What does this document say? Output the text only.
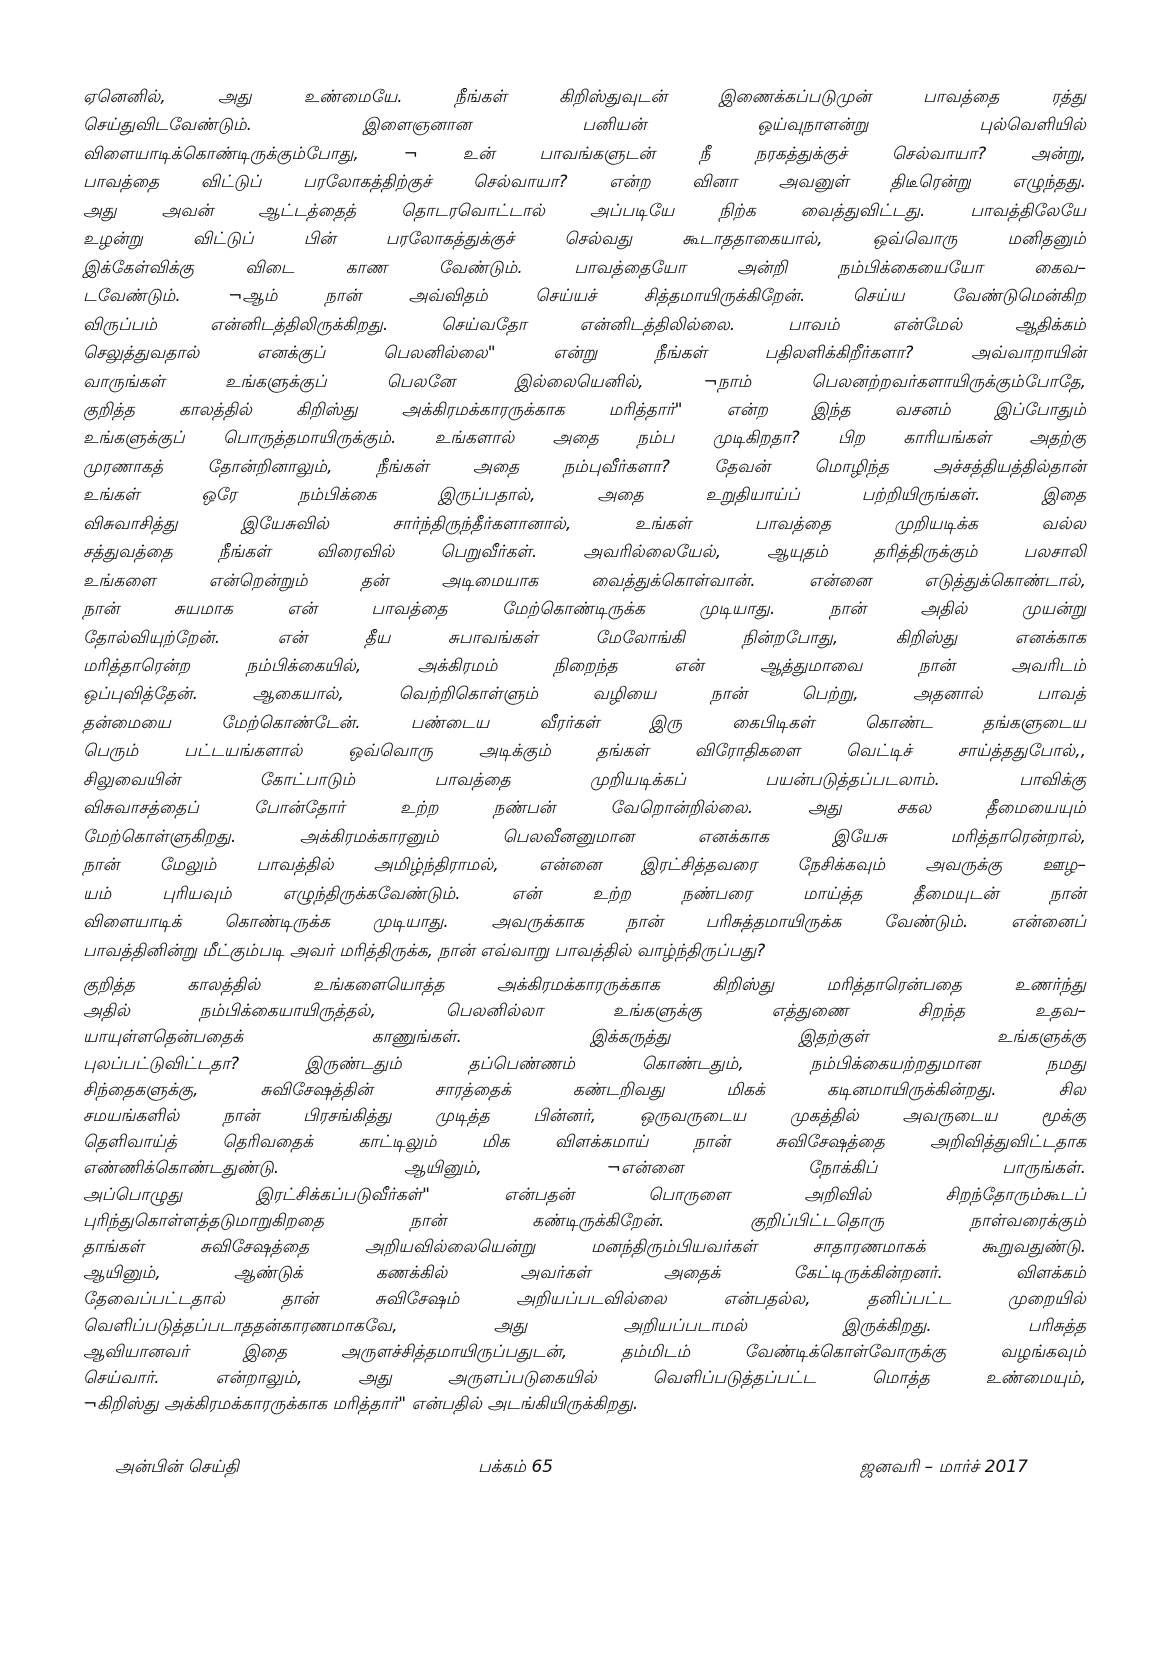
ஏனெனில், அது உண்மையே. நீங்கள் கிறிஸ்துவுடன் இணைக்கப்படுமுன் பாவத்தை ரத்து
செய்துவிடவேண்டும். இளைஞனான பனியன் ஒய்வுநாளன்று புல்வெளியில்
விளையாடிக்கொண்டிருக்கும்போது, ¬ உன் பாவங்களுடன் நீ நரகத்துக்குச் செல்வாயா? அன்று,
பாவத்தை விட்டுப் பரலோகத்திற்குச் செல்வாயா? என்ற வினா அவனுள் திடீரென்று எழுந்தது.
அது அவன் ஆட்டத்தைத் தொடரவொட்டால் அப்படியே நிற்க வைத்துவிட்டது. பாவத்திலேயே
உழன்று விட்டுப் பின் பரலோகத்துக்குச் செல்வது கூடாததாகையால், ஒவ்வொரு மனிதனும்
இக்கேள்விக்கு விடை காண வேண்டும். பாவத்தையோ அன்றி நம்பிக்கையையோ கைவ–
டவேண்டும். ¬ஆம் நான் அவ்விதம் செய்யச் சித்தமாயிருக்கிறேன். செய்ய வேண்டுமென்கிற
விருப்பம் என்னிடத்திலிருக்கிறது. செய்வதோ என்னிடத்திலில்லை. பாவம் என்மேல் ஆதிக்கம்
செலுத்துவதால் எனக்குப் பெலனில்லை" என்று நீங்கள் பதிலளிக்கிறீர்களா? அவ்வாறாயின்
வாருங்கள் உங்களுக்குப் பெலனே இல்லையெனில், ¬நாம் பெலனற்றவர்களாயிருக்கும்போதே,
குறித்த காலத்தில் கிறிஸ்து அக்கிரமக்காரருக்காக மரித்தார்" என்ற இந்த வசனம் இப்போதும்
உங்களுக்குப் பொருத்தமாயிருக்கும். உங்களால் அதை நம்ப முடிகிறதா? பிற காரியங்கள் அதற்கு
முரணாகத் தோன்றினாலும், நீங்கள் அதை நம்புவீர்களா? தேவன் மொழிந்த அச்சத்தியத்தில்தான்
உங்கள் ஒரே நம்பிக்கை இருப்பதால், அதை உறுதியாய்ப் பற்றியிருங்கள். இதை
விசுவாசித்து இயேசுவில் சார்ந்திருந்தீர்களானால், உங்கள் பாவத்தை முறியடிக்க வல்ல
சத்துவத்தை நீங்கள் விரைவில் பெறுவீர்கள். அவரில்லையேல், ஆயுதம் தரித்திருக்கும் பலசாலி
உங்களை என்றென்றும் தன் அடிமையாக வைத்துக்கொள்வான். என்னை எடுத்துக்கொண்டால்,
நான் சுயமாக என் பாவத்தை மேற்கொண்டிருக்க முடியாது. நான் அதில் முயன்று
தோல்வியுற்றேன். என் தீய சுபாவங்கள் மேலோங்கி நின்றபோது, கிறிஸ்து எனக்காக
மரித்தாரென்ற நம்பிக்கையில், அக்கிரமம் நிறைந்த என் ஆத்துமாவை நான் அவரிடம்
ஒப்புவித்தேன். ஆகையால், வெற்றிகொள்ளும் வழியை நான் பெற்று, அதனால் பாவத்
தன்மையை மேற்கொண்டேன். பண்டைய வீரர்கள் இரு கைபிடிகள் கொண்ட தங்களுடைய
பெரும் பட்டயங்களால் ஒவ்வொரு அடிக்கும் தங்கள் விரோதிகளை வெட்டிச் சாய்த்ததுபோல்,,
சிலுவையின் கோட்பாடும் பாவத்தை முறியடிக்கப் பயன்படுத்தப்படலாம். பாவிக்கு
விசுவாசத்தைப் போன்தோர் உற்ற நண்பன் வேறொன்றில்லை. அது சகல தீமையையும்
மேற்கொள்ளுகிறது. அக்கிரமக்காரனும் பெலவீனனுமான எனக்காக இயேசு மரித்தாரென்றால்,
நான் மேலும் பாவத்தில் அமிழ்ந்திராமல், என்னை இரட்சித்தவரை நேசிக்கவும் அவருக்கு ஊழ–
யம் புரியவும் எழுந்திருக்கவேண்டும். என் உற்ற நண்பரை மாய்த்த தீமையுடன் நான்
விளையாடிக் கொண்டிருக்க முடியாது. அவருக்காக நான் பரிசுத்தமாயிருக்க வேண்டும். என்னைப்
பாவத்தினின்று மீட்கும்படி அவர் மரித்திருக்க, நான் எவ்வாறு பாவத்தில் வாழ்ந்திருப்பது?
குறித்த காலத்தில் உங்களையொத்த அக்கிரமக்காரருக்காக கிறிஸ்து மரித்தாரென்பதை உணர்ந்து
அதில் நம்பிக்கையாயிருத்தல், பெலனில்லா உங்களுக்கு எத்துணை சிறந்த உதவ–
யாயுள்ளதென்பதைக் காணுங்கள். இக்கருத்து இதற்குள் உங்களுக்கு
புலப்பட்டுவிட்டதா? இருண்டதும் தப்பெண்ணம் கொண்டதும், நம்பிக்கையற்றதுமான நமது
சிந்தைகளுக்கு, சுவிசேஷத்தின் சாரத்தைக் கண்டறிவது மிகக் கடினமாயிருக்கின்றது. சில
சமயங்களில் நான் பிரசங்கித்து முடித்த பின்னர், ஒருவருடைய முகத்தில் அவருடைய மூக்கு
தெளிவாய்த் தெரிவதைக் காட்டிலும் மிக விளக்கமாய் நான் சுவிசேஷத்தை அறிவித்துவிட்டதாக
எண்ணிக்கொண்டதுண்டு. ஆயினும், ¬என்னை நோக்கிப் பாருங்கள்.
அப்பொழுது இரட்சிக்கப்படுவீர்கள்" என்பதன் பொருளை அறிவில் சிறந்தோரும்கூடப்
புரிந்துகொள்ளத்தடுமாறுகிறதை நான் கண்டிருக்கிறேன். குறிப்பிட்டதொரு நாள்வரைக்கும்
தாங்கள் சுவிசேஷத்தை அறியவில்லையென்று மனந்திரும்பியவர்கள் சாதாரணமாகக் கூறுவதுண்டு.
ஆயினும், ஆண்டுக் கணக்கில் அவர்கள் அதைக் கேட்டிருக்கின்றனர். விளக்கம்
தேவைப்பட்டதால் தான் சுவிசேஷம் அறியப்படவில்லை என்பதல்ல, தனிப்பட்ட முறையில்
வெளிப்படுத்தப்படாததன்காரணமாகவே, அது அறியப்படாமல் இருக்கிறது. பரிசுத்த
ஆவியானவர் இதை அருளச்சித்தமாயிருப்பதுடன், தம்மிடம் வேண்டிக்கொள்வோருக்கு வழங்கவும்
செய்வார். என்றாலும், அது அருளப்படுகையில் வெளிப்படுத்தப்பட்ட மொத்த உண்மையும்,
¬கிறிஸ்து அக்கிரமக்காரருக்காக மரித்தார்" என்பதில் அடங்கியிருக்கிறது.
அன்பின் செய்தி	பக்கம் 65	ஜனவரி – மார்ச் 2017
